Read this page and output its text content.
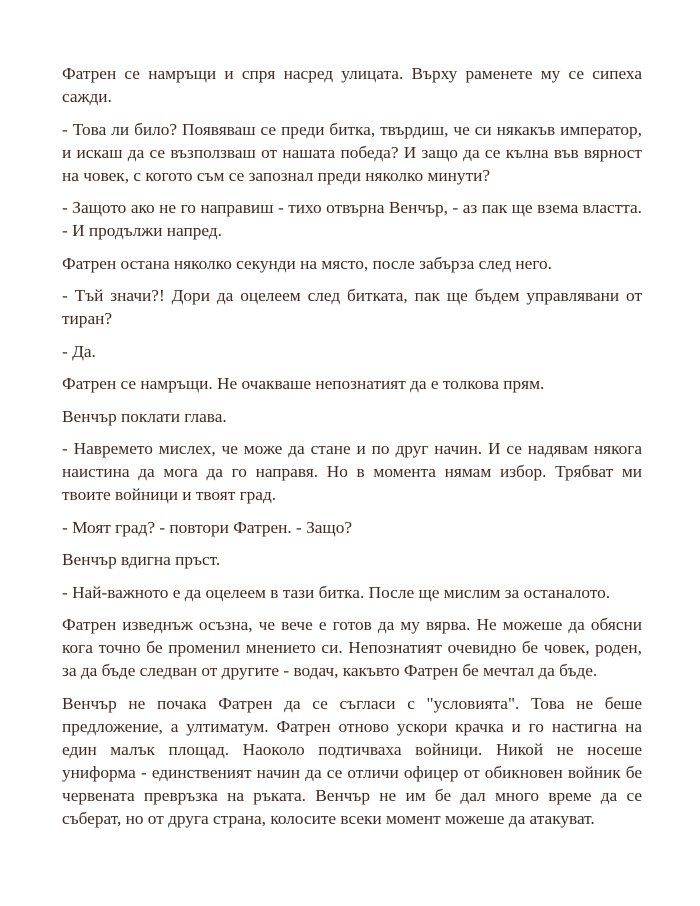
Фатрен се намръщи и спря насред улицата. Върху раменете му се сипеха сажди.

- Това ли било? Появяваш се преди битка, твърдиш, че си някакъв император, и искаш да се възползваш от нашата победа? И защо да се кълна във вярност на човек, с когото съм се запознал преди няколко минути?

- Защото ако не го направиш - тихо отвърна Венчър, - аз пак ще взема властта. - И продължи напред.

Фатрен остана няколко секунди на място, после забърза след него.

- Тъй значи?! Дори да оцелеем след битката, пак ще бъдем управлявани от тиран?

- Да.

Фатрен се намръщи. Не очакваше непознатият да е толкова прям.

Венчър поклати глава.

- Навремето мислех, че може да стане и по друг начин. И се надявам някога наистина да мога да го направя. Но в момента нямам избор. Трябват ми твоите войници и твоят град.

- Моят град? - повтори Фатрен. - Защо?

Венчър вдигна пръст.

- Най-важното е да оцелеем в тази битка. После ще мислим за останалото.

Фатрен изведнъж осъзна, че вече е готов да му вярва. Не можеше да обясни кога точно бе променил мнението си. Непознатият очевидно бе човек, роден, за да бъде следван от другите - водач, какъвто Фатрен бе мечтал да бъде.

Венчър не почака Фатрен да се съгласи с "условията". Това не беше предложение, а ултиматум. Фатрен отново ускори крачка и го настигна на един малък площад. Наоколо подтичваха войници. Никой не носеше униформа - единственият начин да се отличи офицер от обикновен войник бе червената превръзка на ръката. Венчър не им бе дал много време да се съберат, но от друга страна, колосите всеки момент можеше да атакуват.
